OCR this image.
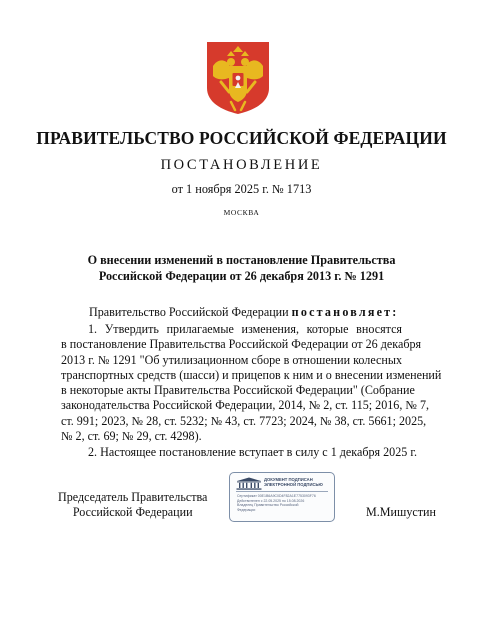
ПРАВИТЕЛЬСТВО РОССИЙСКОЙ ФЕДЕРАЦИИ

ПОСТАНОВЛЕНИЕ

от 1 ноября 2025 г. № 1713

МОСКВА

О внесении изменений в постановление Правительства
Российской Федерации от 26 декабря 2013 г. № 1291

Правительство Российской Федерации постановляет:

1. Утвердить прилагаемые изменения, которые вносятся
в постановление Правительства Российской Федерации от 26 декабря
2013 г. № 1291 "Об утилизационном сборе в отношении колесных
транспортных средств (шасси) и прицепов к ним и о внесении изменений
в некоторые акты Правительства Российской Федерации" (Собрание
законодательства Российской Федерации, 2014, № 2, ст. 115; 2016, № 7,
ст. 991; 2023, № 28, ст. 5232; № 43, ст. 7723; 2024, № 38, ст. 5661; 2025,
№ 2, ст. 69; № 29, ст. 4298).

2. Настоящее постановление вступает в силу с 1 декабря 2025 г.

Председатель Правительства
Российской Федерации
ДОКУМЕНТ ПОДПИСАН
ЭЛЕКТРОННОЙ ПОДПИСЬЮ
Сертификат 00E1B6A9C0D4F82A1E7753093F76
Действителен с 22.05.2025 по 15.08.2026
Владелец Правительство Российской
Федерации	М.Мишустин
